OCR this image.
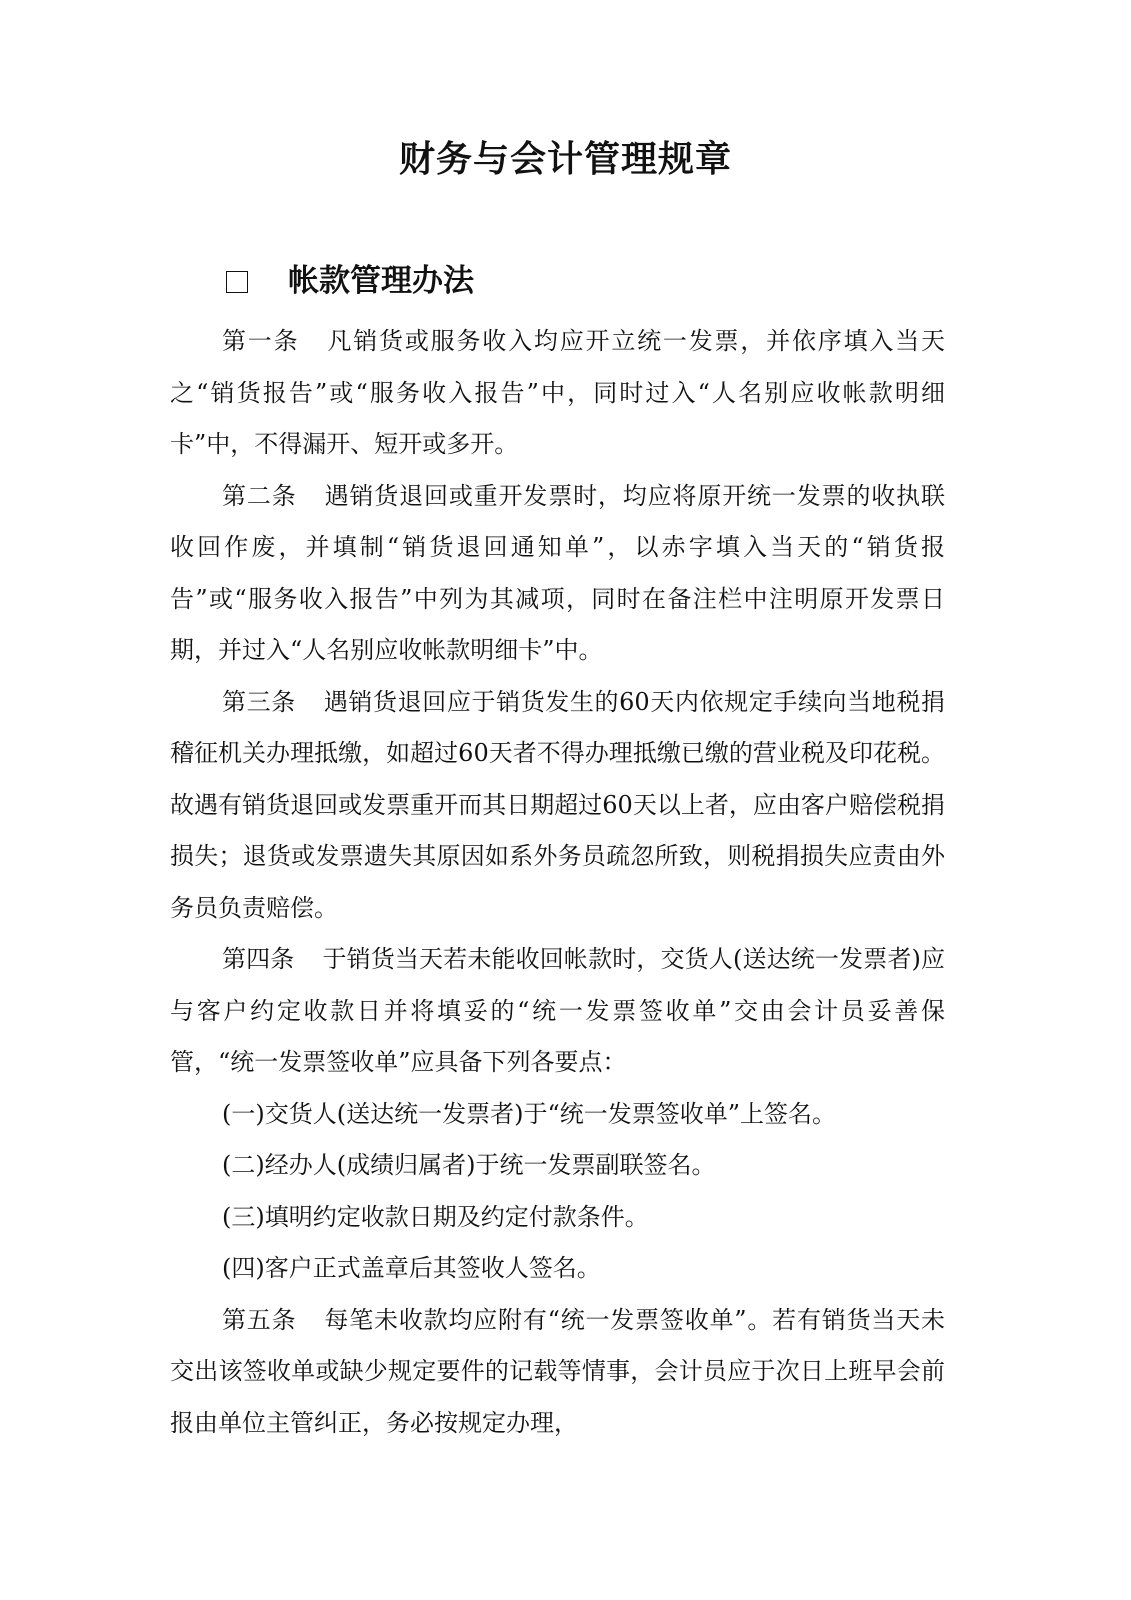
财务与会计管理规章
帐款管理办法

第一条 凡销货或服务收入均应开立统一发票，并依序填入当天之“销货报告”或“服务收入报告”中，同时过入“人名别应收帐款明细卡”中，不得漏开、短开或多开。

第二条 遇销货退回或重开发票时，均应将原开统一发票的收执联收回作废，并填制“销货退回通知单”，以赤字填入当天的“销货报告”或“服务收入报告”中列为其减项，同时在备注栏中注明原开发票日期，并过入“人名别应收帐款明细卡”中。

第三条 遇销货退回应于销货发生的60天内依规定手续向当地税捐稽征机关办理抵缴，如超过60天者不得办理抵缴已缴的营业税及印花税。故遇有销货退回或发票重开而其日期超过60天以上者，应由客户赔偿税捐损失；退货或发票遗失其原因如系外务员疏忽所致，则税捐损失应责由外务员负责赔偿。

第四条 于销货当天若未能收回帐款时，交货人(送达统一发票者)应与客户约定收款日并将填妥的“统一发票签收单”交由会计员妥善保管，“统一发票签收单”应具备下列各要点：

(一)交货人(送达统一发票者)于“统一发票签收单”上签名。

(二)经办人(成绩归属者)于统一发票副联签名。

(三)填明约定收款日期及约定付款条件。

(四)客户正式盖章后其签收人签名。

第五条 每笔未收款均应附有“统一发票签收单”。若有销货当天未交出该签收单或缺少规定要件的记载等情事，会计员应于次日上班早会前报由单位主管纠正，务必按规定办理，
